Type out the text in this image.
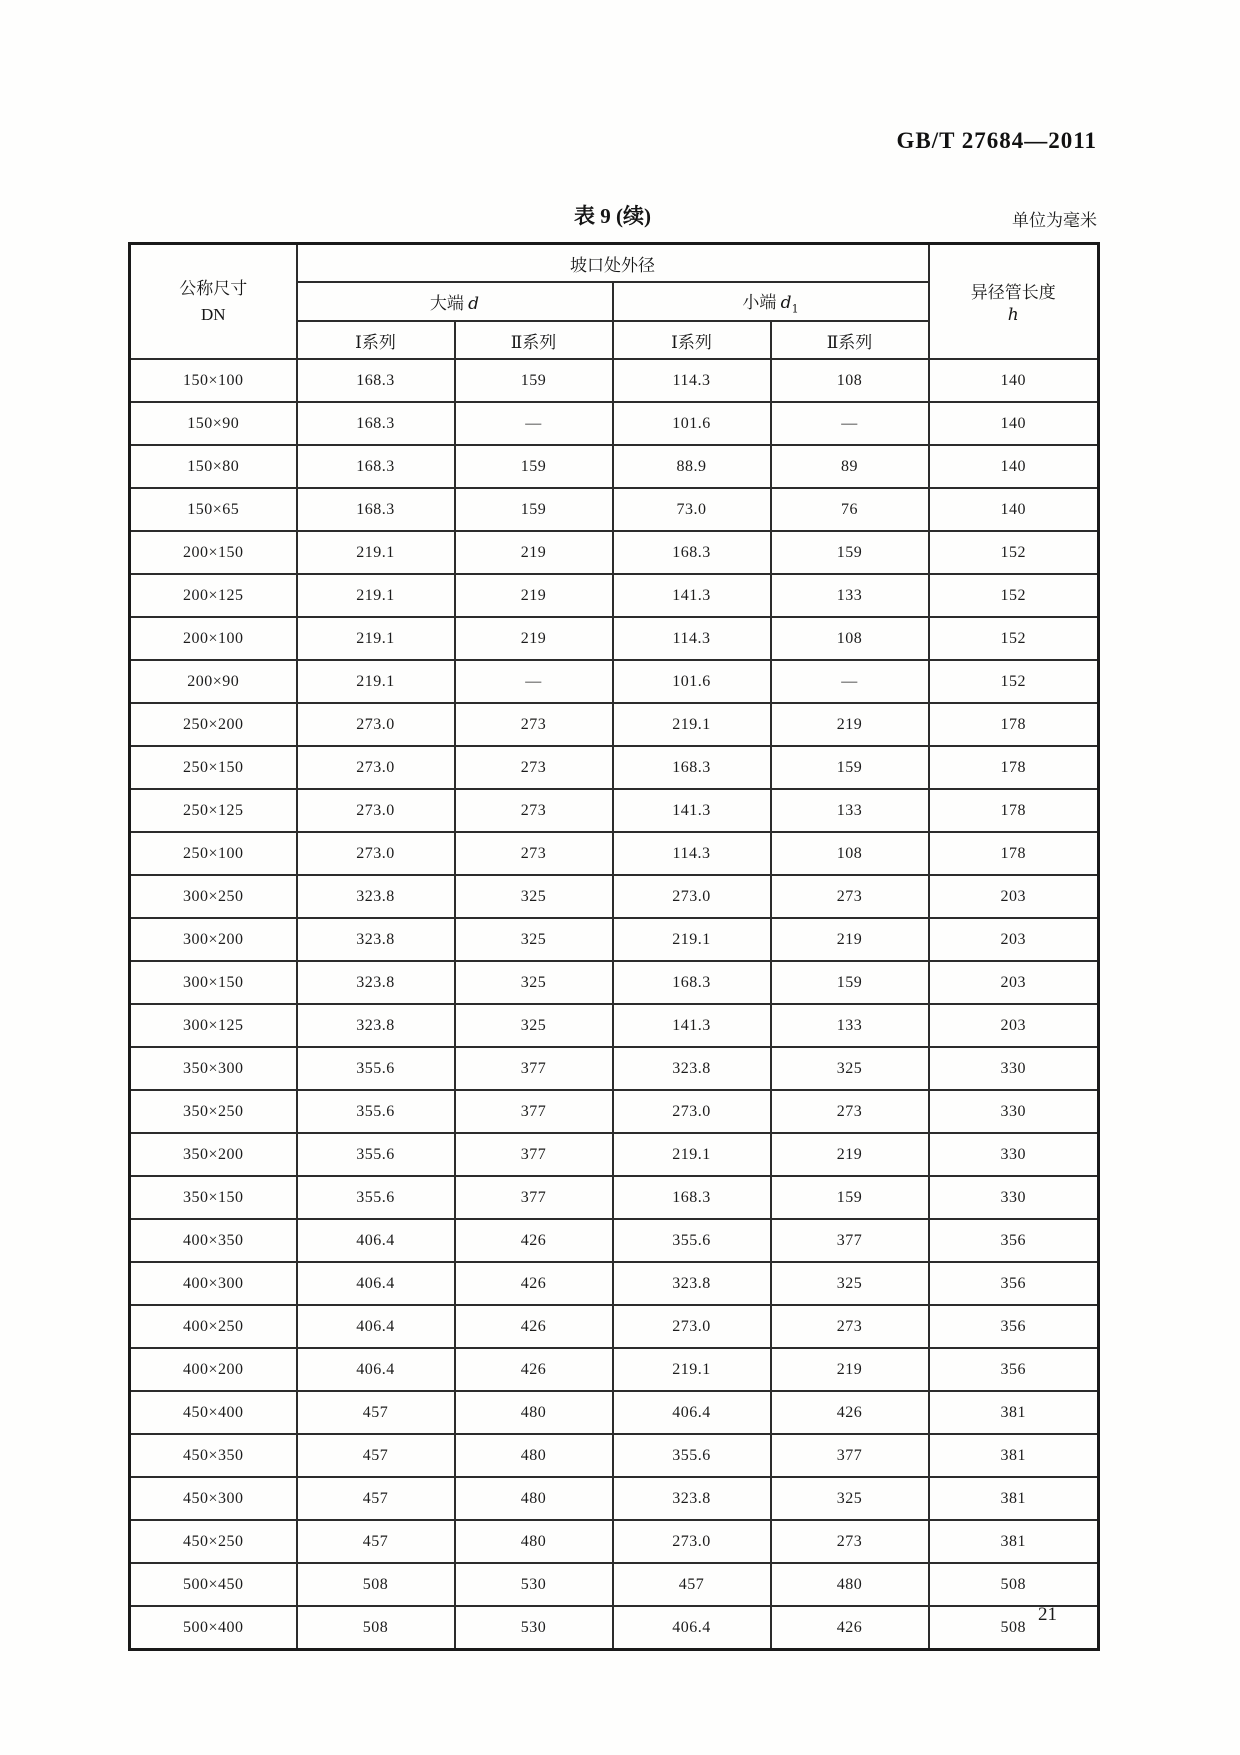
GB/T 27684—2011
表 9 (续)	单位为毫米
公称尺寸
DN	坡口处外径				异径管长度
h

	大端 d		小端 $d_1$
	Ⅰ系列	Ⅱ系列	Ⅰ系列	Ⅱ系列	
150×100	168.3	159	114.3	108	140
150×90	168.3	—	101.6	—	140
150×80	168.3	159	88.9	89	140
150×65	168.3	159	73.0	76	140
200×150	219.1	219	168.3	159	152
200×125	219.1	219	141.3	133	152
200×100	219.1	219	114.3	108	152
200×90	219.1	—	101.6	—	152
250×200	273.0	273	219.1	219	178
250×150	273.0	273	168.3	159	178
250×125	273.0	273	141.3	133	178
250×100	273.0	273	114.3	108	178
300×250	323.8	325	273.0	273	203
300×200	323.8	325	219.1	219	203
300×150	323.8	325	168.3	159	203
300×125	323.8	325	141.3	133	203
350×300	355.6	377	323.8	325	330
350×250	355.6	377	273.0	273	330
350×200	355.6	377	219.1	219	330
350×150	355.6	377	168.3	159	330
400×350	406.4	426	355.6	377	356
400×300	406.4	426	323.8	325	356
400×250	406.4	426	273.0	273	356
400×200	406.4	426	219.1	219	356
450×400	457	480	406.4	426	381
450×350	457	480	355.6	377	381
450×300	457	480	323.8	325	381
450×250	457	480	273.0	273	381
500×450	508	530	457	480	508
500×400	508	530	406.4	426	508
21
